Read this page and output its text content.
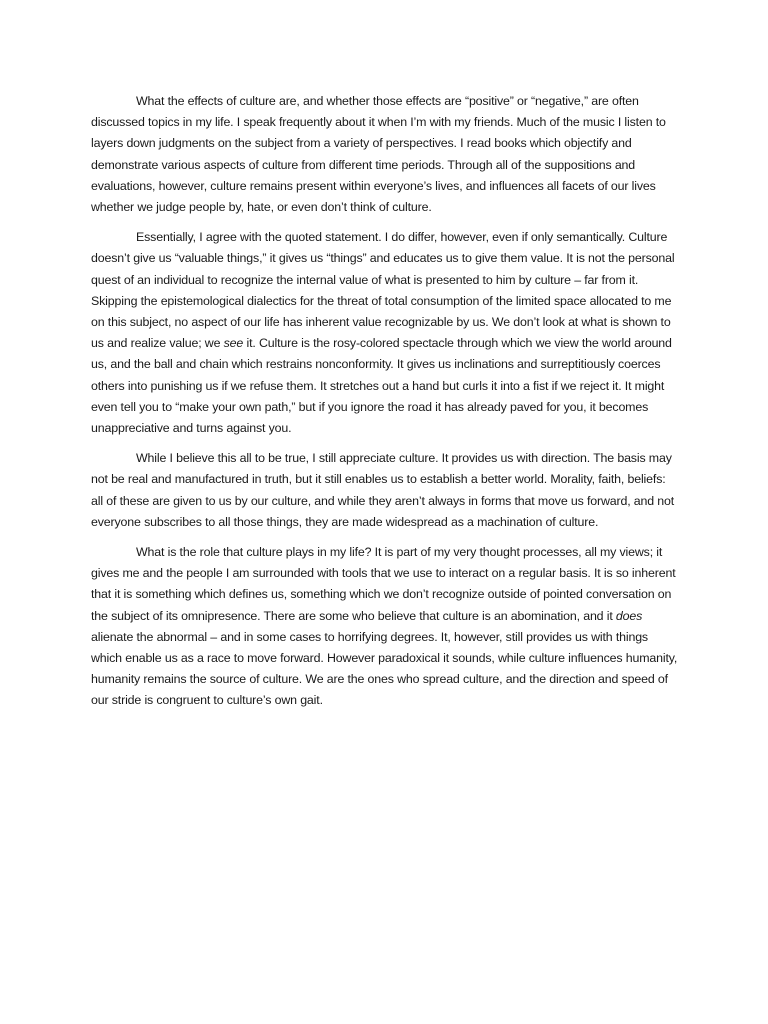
What the effects of culture are, and whether those effects are “positive” or “negative,” are often discussed topics in my life. I speak frequently about it when I’m with my friends. Much of the music I listen to layers down judgments on the subject from a variety of perspectives. I read books which objectify and demonstrate various aspects of culture from different time periods. Through all of the suppositions and evaluations, however, culture remains present within everyone’s lives, and influences all facets of our lives whether we judge people by, hate, or even don’t think of culture.

Essentially, I agree with the quoted statement. I do differ, however, even if only semantically. Culture doesn’t give us “valuable things,” it gives us “things” and educates us to give them value. It is not the personal quest of an individual to recognize the internal value of what is presented to him by culture – far from it. Skipping the epistemological dialectics for the threat of total consumption of the limited space allocated to me on this subject, no aspect of our life has inherent value recognizable by us. We don’t look at what is shown to us and realize value; we see it. Culture is the rosy-colored spectacle through which we view the world around us, and the ball and chain which restrains nonconformity. It gives us inclinations and surreptitiously coerces others into punishing us if we refuse them. It stretches out a hand but curls it into a fist if we reject it. It might even tell you to “make your own path,” but if you ignore the road it has already paved for you, it becomes unappreciative and turns against you.

While I believe this all to be true, I still appreciate culture. It provides us with direction. The basis may not be real and manufactured in truth, but it still enables us to establish a better world. Morality, faith, beliefs: all of these are given to us by our culture, and while they aren’t always in forms that move us forward, and not everyone subscribes to all those things, they are made widespread as a machination of culture.

What is the role that culture plays in my life? It is part of my very thought processes, all my views; it gives me and the people I am surrounded with tools that we use to interact on a regular basis. It is so inherent that it is something which defines us, something which we don’t recognize outside of pointed conversation on the subject of its omnipresence. There are some who believe that culture is an abomination, and it does alienate the abnormal – and in some cases to horrifying degrees. It, however, still provides us with things which enable us as a race to move forward. However paradoxical it sounds, while culture influences humanity, humanity remains the source of culture. We are the ones who spread culture, and the direction and speed of our stride is congruent to culture’s own gait.
